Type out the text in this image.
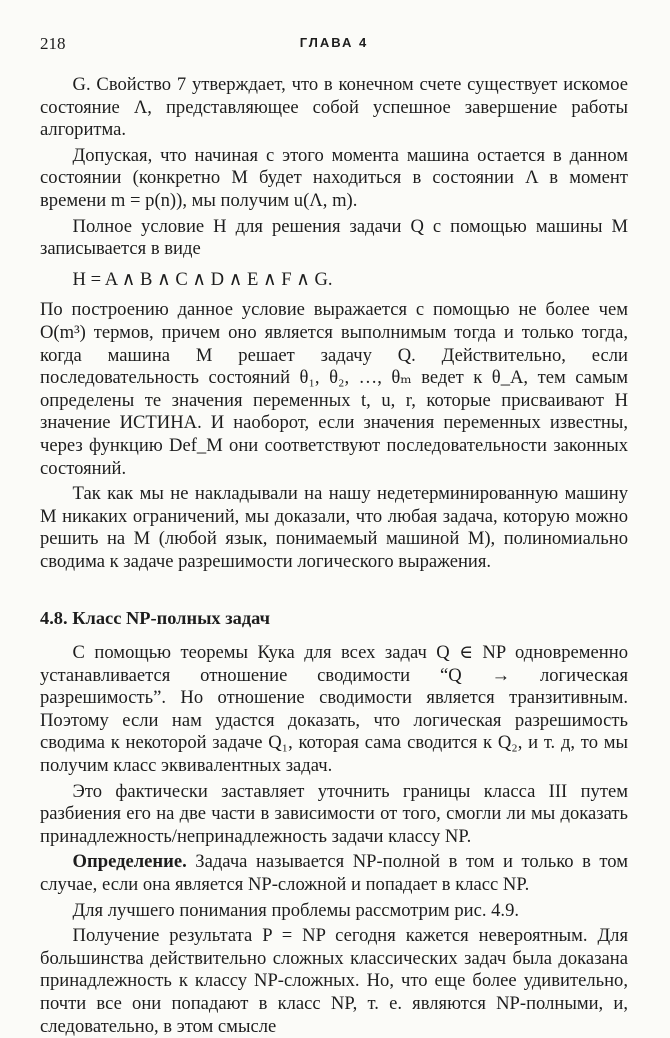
218	ГЛАВА 4

G. Свойство 7 утверждает, что в конечном счете существует искомое состояние Λ, представляющее собой успешное завершение работы алгоритма.

Допуская, что начиная с этого момента машина остается в данном состоянии (конкретно M будет находиться в состоянии Λ в момент времени m = p(n)), мы получим u(Λ, m).

Полное условие H для решения задачи Q с помощью машины M записывается в виде

H = A ∧ B ∧ C ∧ D ∧ E ∧ F ∧ G.

По построению данное условие выражается с помощью не более чем O(m³) термов, причем оно является выполнимым тогда и только тогда, когда машина M решает задачу Q. Действительно, если последовательность состояний θ₁, θ₂, …, θₘ ведет к θ_A, тем самым определены те значения переменных t, u, r, которые присваивают H значение ИСТИНА. И наоборот, если значения переменных известны, через функцию Def_M они соответствуют последовательности законных состояний.

Так как мы не накладывали на нашу недетерминированную машину M никаких ограничений, мы доказали, что любая задача, которую можно решить на M (любой язык, понимаемый машиной M), полиномиально сводима к задаче разрешимости логического выражения.

4.8. Класс NP-полных задач

С помощью теоремы Кука для всех задач Q ∈ NP одновременно устанавливается отношение сводимости “Q → логическая разрешимость”. Но отношение сводимости является транзитивным. Поэтому если нам удастся доказать, что логическая разрешимость сводима к некоторой задаче Q₁, которая сама сводится к Q₂, и т. д, то мы получим класс эквивалентных задач.

Это фактически заставляет уточнить границы класса III путем разбиения его на две части в зависимости от того, смогли ли мы доказать принадлежность/непринадлежность задачи классу NP.

Определение. Задача называется NP-полной в том и только в том случае, если она является NP-сложной и попадает в класс NP.

Для лучшего понимания проблемы рассмотрим рис. 4.9.

Получение результата P = NP сегодня кажется невероятным. Для большинства действительно сложных классических задач была доказана принадлежность к классу NP-сложных. Но, что еще более удивительно, почти все они попадают в класс NP, т. е. являются NP-полными, и, следовательно, в этом смысле
